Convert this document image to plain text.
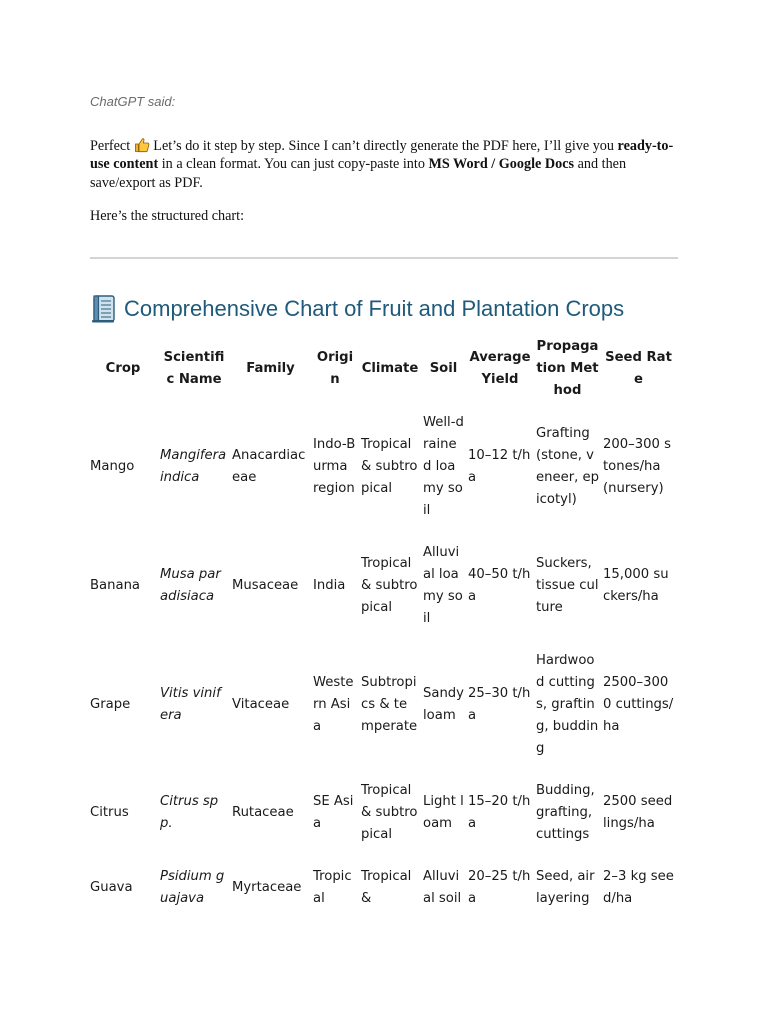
ChatGPT said:
Perfect  Let’s do it step by step. Since I can’t directly generate the PDF here, I’ll give you ready-to-use content in a clean format. You can just copy-paste into MS Word / Google Docs and then save/export as PDF.
Here’s the structured chart:
Comprehensive Chart of Fruit and Plantation Crops
Crop	Scientific Name	Family	Origin	Climate	Soil	Average Yield	Propagation Method	Seed Rate
Mango	Mangifera indica	Anacardiaceae	Indo-Burma region	Tropical & subtropical	Well-drained loamy soil	10–12 t/ha	Grafting (stone, veneer, epicotyl)	200–300 stones/ha (nursery)
Banana	Musa paradisiaca	Musaceae	India	Tropical & subtropical	Alluvial loamy soil	40–50 t/ha	Suckers, tissue culture	15,000 suckers/ha
Grape	Vitis vinifera	Vitaceae	Western Asia	Subtropics & temperate	Sandy loam	25–30 t/ha	Hardwood cuttings, grafting, budding	2500–3000 cuttings/ha
Citrus	Citrus spp.	Rutaceae	SE Asia	Tropical & subtropical	Light loam	15–20 t/ha	Budding, grafting, cuttings	2500 seedlings/ha
Guava	Psidium guajava	Myrtaceae	Tropical	Tropical &	Alluvial soil	20–25 t/ha	Seed, air layering	2–3 kg seed/ha
